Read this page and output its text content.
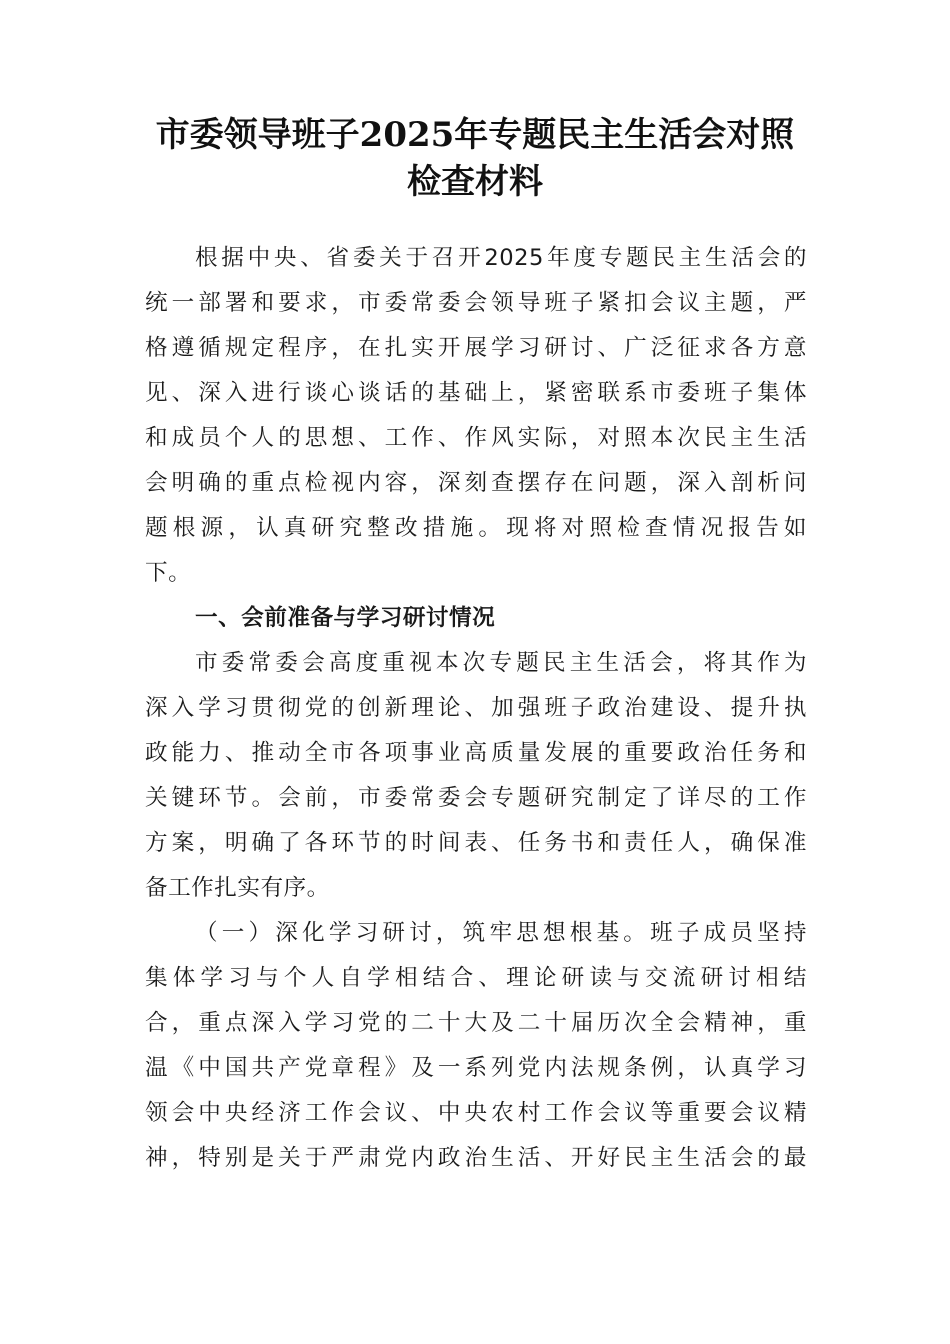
市委领导班子2025年专题民主生活会对照
检查材料
根据中央、省委关于召开2025年度专题民主生活会的
统一部署和要求，市委常委会领导班子紧扣会议主题，严
格遵循规定程序，在扎实开展学习研讨、广泛征求各方意
见、深入进行谈心谈话的基础上，紧密联系市委班子集体
和成员个人的思想、工作、作风实际，对照本次民主生活
会明确的重点检视内容，深刻查摆存在问题，深入剖析问
题根源，认真研究整改措施。现将对照检查情况报告如
下。
一、会前准备与学习研讨情况
市委常委会高度重视本次专题民主生活会，将其作为
深入学习贯彻党的创新理论、加强班子政治建设、提升执
政能力、推动全市各项事业高质量发展的重要政治任务和
关键环节。会前，市委常委会专题研究制定了详尽的工作
方案，明确了各环节的时间表、任务书和责任人，确保准
备工作扎实有序。
（一）深化学习研讨，筑牢思想根基。班子成员坚持
集体学习与个人自学相结合、理论研读与交流研讨相结
合，重点深入学习党的二十大及二十届历次全会精神，重
温《中国共产党章程》及一系列党内法规条例，认真学习
领会中央经济工作会议、中央农村工作会议等重要会议精
神，特别是关于严肃党内政治生活、开好民主生活会的最
